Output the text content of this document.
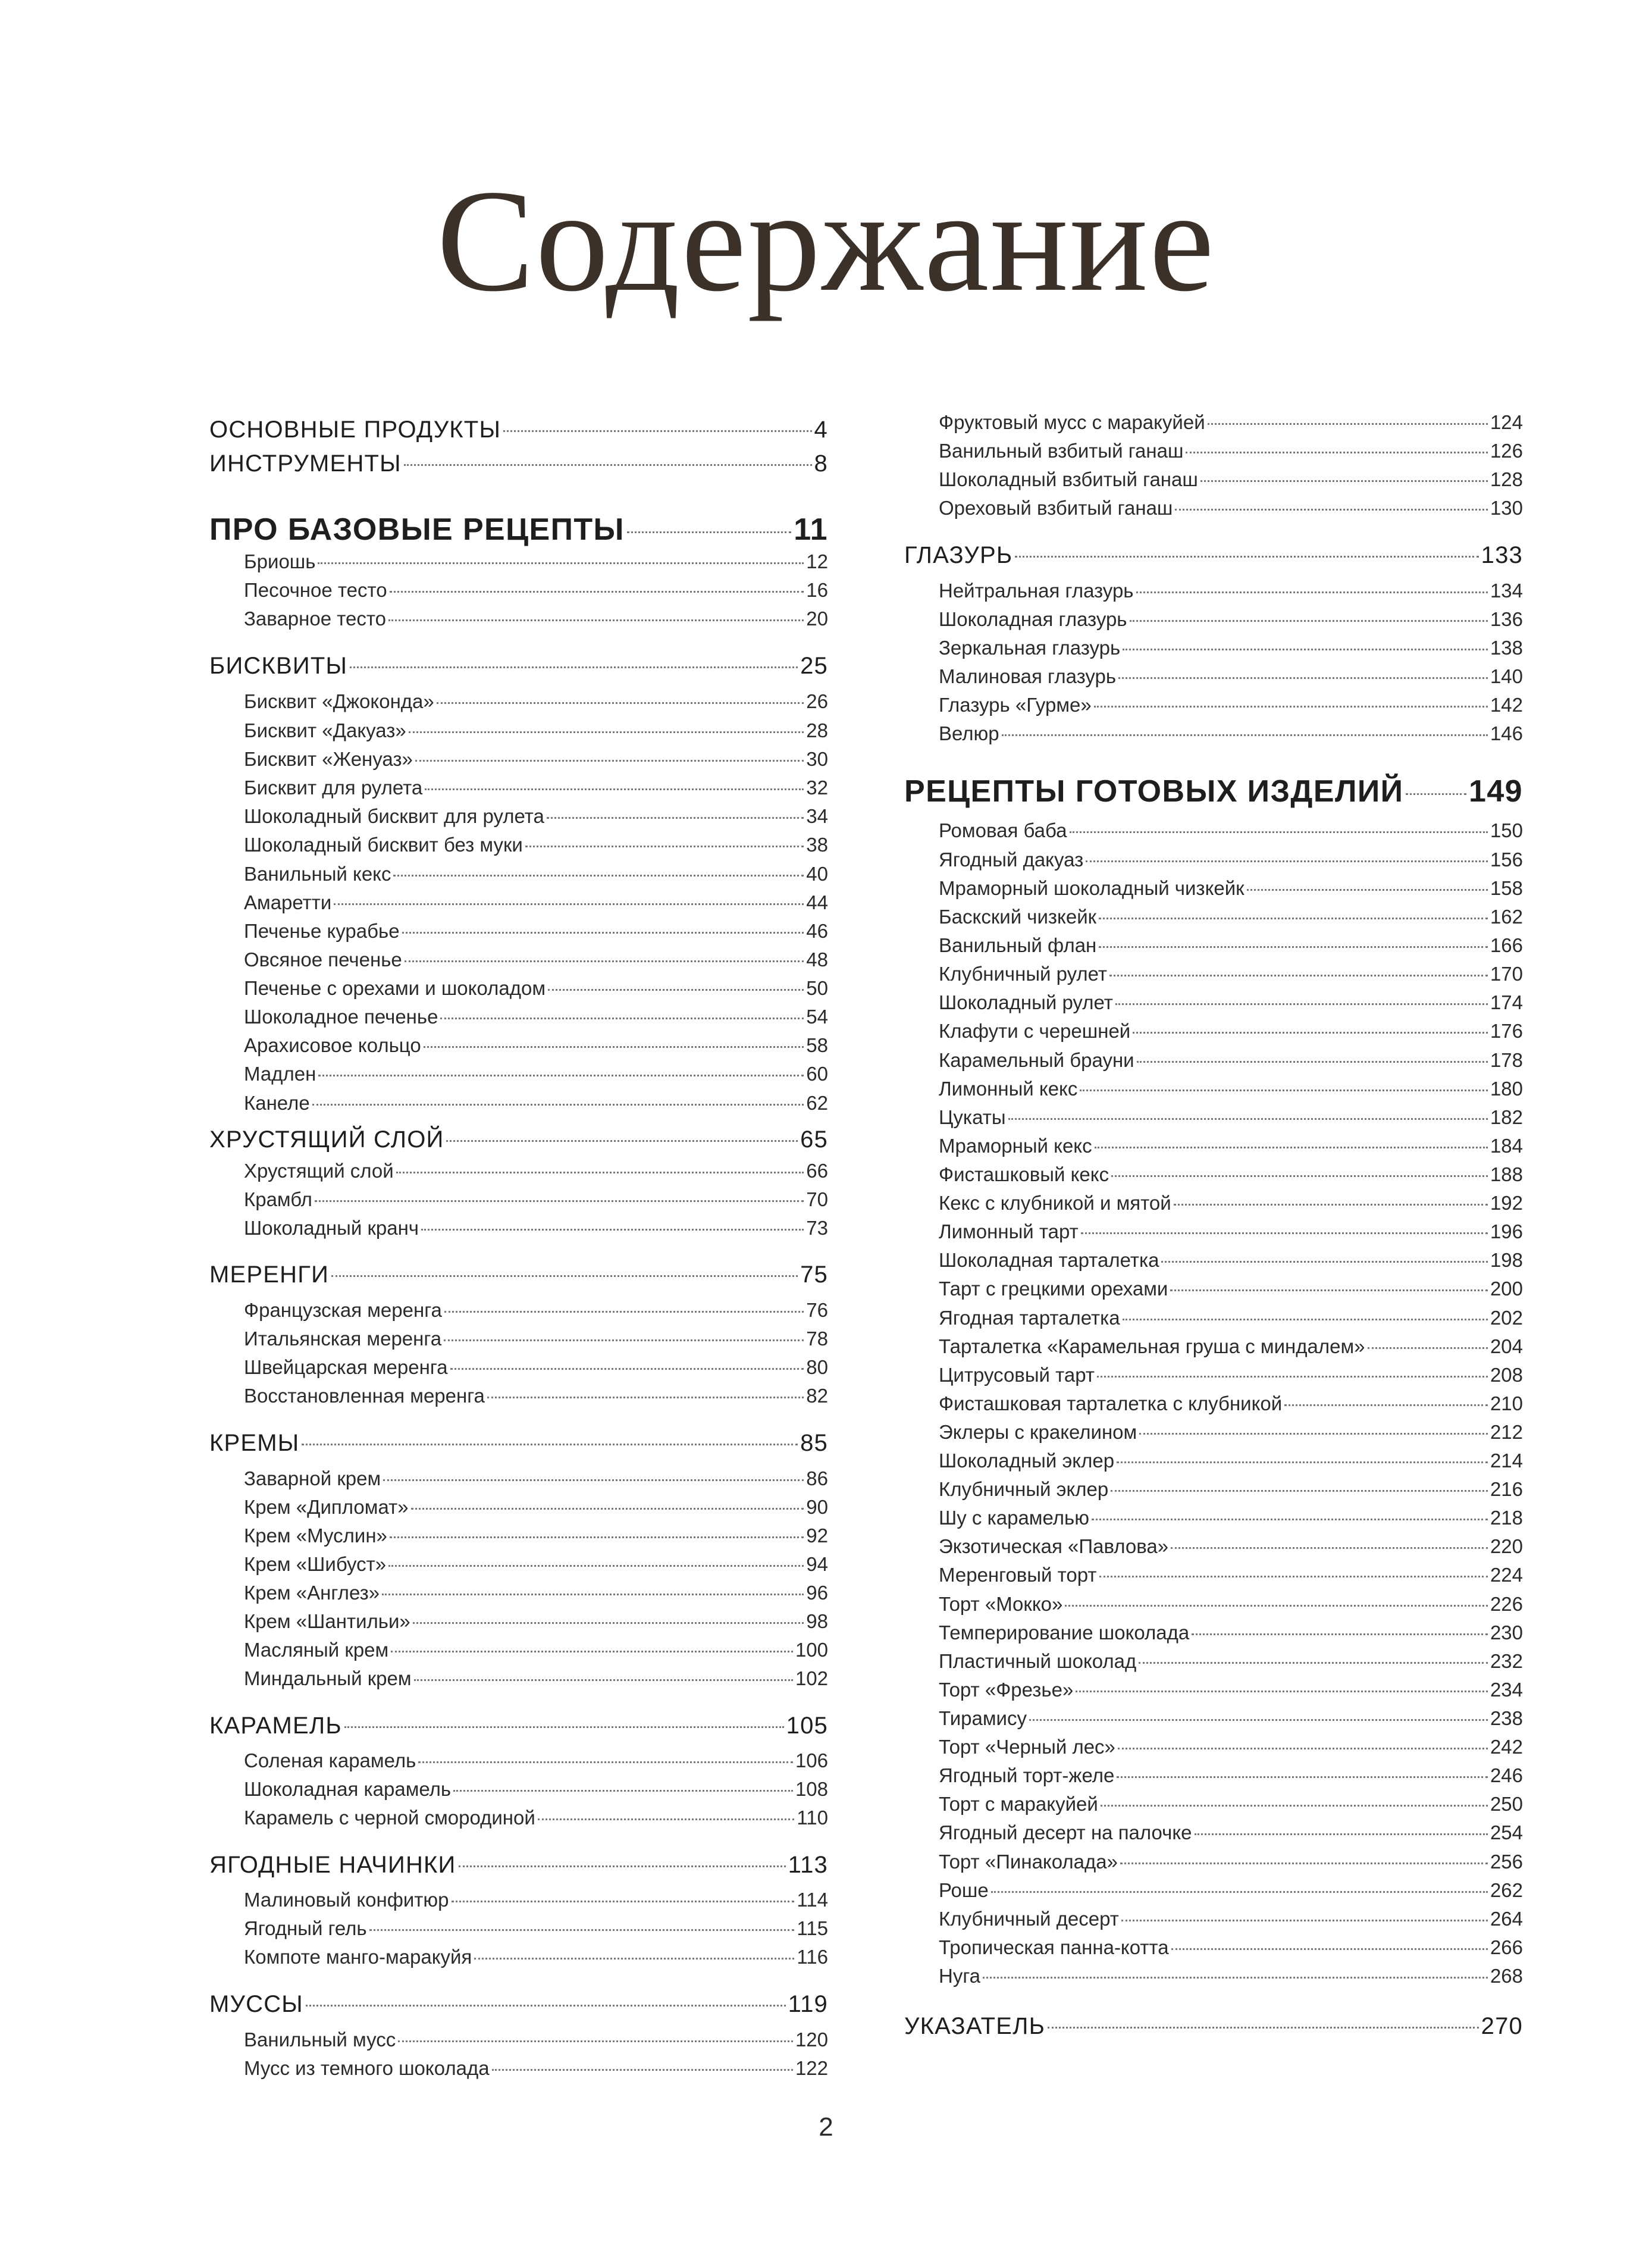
Содержание
ОСНОВНЫЕ ПРОДУКТЫ	4
ИНСТРУМЕНТЫ	8
ПРО БАЗОВЫЕ РЕЦЕПТЫ	11
Бриошь	12
Песочное тесто	16
Заварное тесто	20
БИСКВИТЫ	25
Бисквит «Джоконда»	26
Бисквит «Дакуаз»	28
Бисквит «Женуаз»	30
Бисквит для рулета	32
Шоколадный бисквит для рулета	34
Шоколадный бисквит без муки	38
Ванильный кекс	40
Амаретти	44
Печенье курабье	46
Овсяное печенье	48
Печенье с орехами и шоколадом	50
Шоколадное печенье	54
Арахисовое кольцо	58
Мадлен	60
Канеле	62
ХРУСТЯЩИЙ СЛОЙ	65
Хрустящий слой	66
Крамбл	70
Шоколадный кранч	73
МЕРЕНГИ	75
Французская меренга	76
Итальянская меренга	78
Швейцарская меренга	80
Восстановленная меренга	82
КРЕМЫ	85
Заварной крем	86
Крем «Дипломат»	90
Крем «Муслин»	92
Крем «Шибуст»	94
Крем «Англез»	96
Крем «Шантильи»	98
Масляный крем	100
Миндальный крем	102
КАРАМЕЛЬ	105
Соленая карамель	106
Шоколадная карамель	108
Карамель с черной смородиной	110
ЯГОДНЫЕ НАЧИНКИ	113
Малиновый конфитюр	114
Ягодный гель	115
Компоте манго-маракуйя	116
МУССЫ	119
Ванильный мусс	120
Мусс из темного шоколада	122
Фруктовый мусс с маракуйей	124
Ванильный взбитый ганаш	126
Шоколадный взбитый ганаш	128
Ореховый взбитый ганаш	130
ГЛАЗУРЬ	133
Нейтральная глазурь	134
Шоколадная глазурь	136
Зеркальная глазурь	138
Малиновая глазурь	140
Глазурь «Гурме»	142
Велюр	146
РЕЦЕПТЫ ГОТОВЫХ ИЗДЕЛИЙ 149
Ромовая баба	150
Ягодный дакуаз	156
Мраморный шоколадный чизкейк	158
Баскский чизкейк	162
Ванильный флан	166
Клубничный рулет	170
Шоколадный рулет	174
Клафути с черешней	176
Карамельный брауни	178
Лимонный кекс	180
Цукаты	182
Мраморный кекс	184
Фисташковый кекс	188
Кекс с клубникой и мятой	192
Лимонный тарт	196
Шоколадная тарталетка	198
Тарт с грецкими орехами	200
Ягодная тарталетка	202
Тарталетка «Карамельная груша с миндалем»	204
Цитрусовый тарт	208
Фисташковая тарталетка с клубникой	210
Эклеры с кракелином	212
Шоколадный эклер	214
Клубничный эклер	216
Шу с карамелью	218
Экзотическая «Павлова»	220
Меренговый торт	224
Торт «Мокко»	226
Темперирование шоколада	230
Пластичный шоколад	232
Торт «Фрезье»	234
Тирамису	238
Торт «Черный лес»	242
Ягодный торт-желе	246
Торт с маракуйей	250
Ягодный десерт на палочке	254
Торт «Пинаколада»	256
Роше	262
Клубничный десерт	264
Тропическая панна-котта	266
Нуга	268
УКАЗАТЕЛЬ	270
2
